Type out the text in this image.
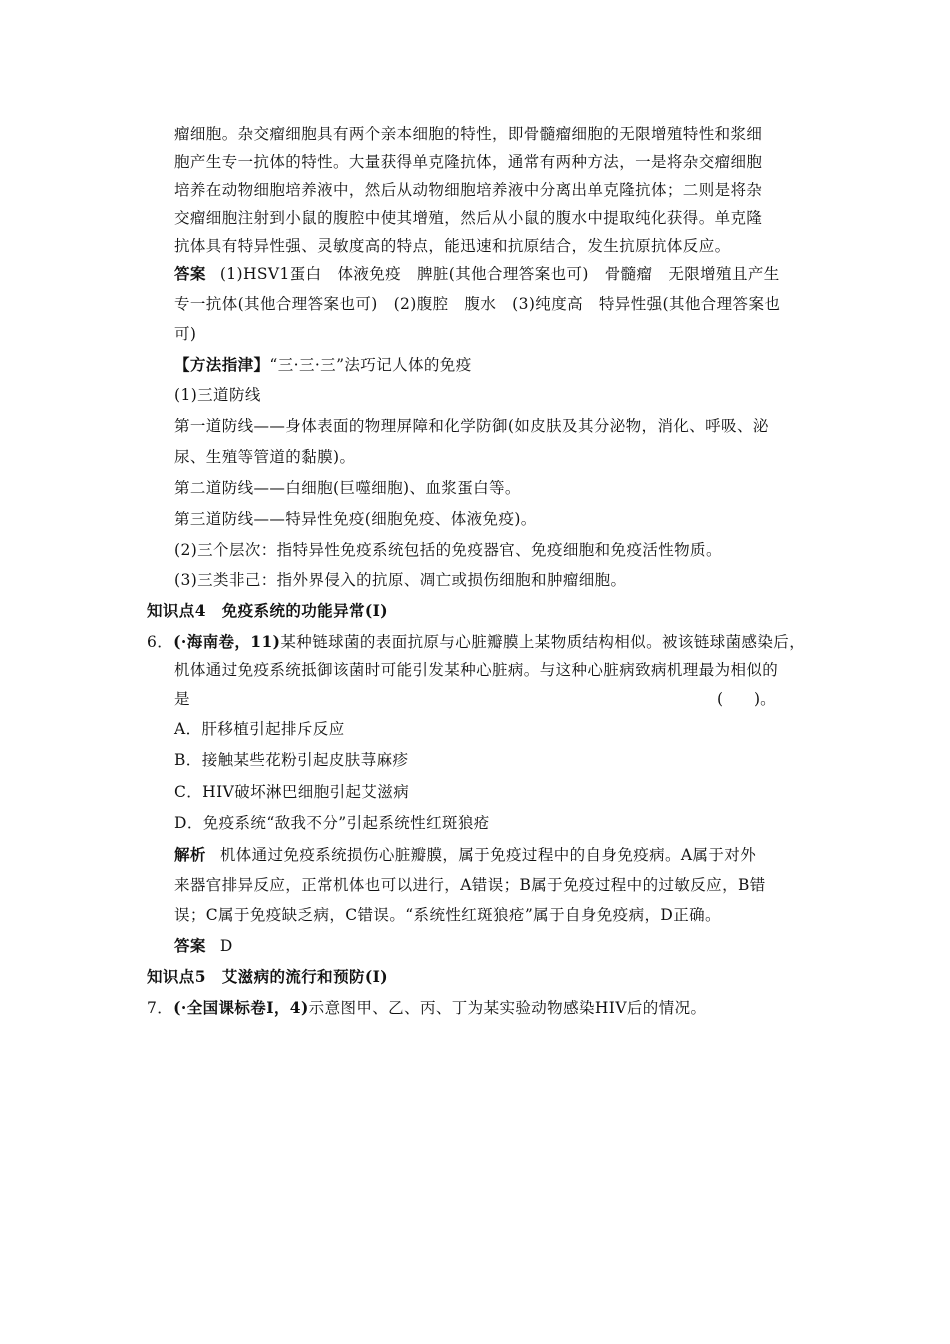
瘤细胞。杂交瘤细胞具有两个亲本细胞的特性，即骨髓瘤细胞的无限增殖特性和浆细
胞产生专一抗体的特性。大量获得单克隆抗体，通常有两种方法，一是将杂交瘤细胞
培养在动物细胞培养液中，然后从动物细胞培养液中分离出单克隆抗体；二则是将杂
交瘤细胞注射到小鼠的腹腔中使其增殖，然后从小鼠的腹水中提取纯化获得。单克隆
抗体具有特异性强、灵敏度高的特点，能迅速和抗原结合，发生抗原抗体反应。
答案 (1)HSV1蛋白　体液免疫　脾脏(其他合理答案也可)　骨髓瘤　无限增殖且产生
专一抗体(其他合理答案也可)　(2)腹腔　腹水　(3)纯度高　特异性强(其他合理答案也
可)
【方法指津】“三·三·三”法巧记人体的免疫
(1)三道防线
第一道防线——身体表面的物理屏障和化学防御(如皮肤及其分泌物，消化、呼吸、泌
尿、生殖等管道的黏膜)。
第二道防线——白细胞(巨噬细胞)、血浆蛋白等。
第三道防线——特异性免疫(细胞免疫、体液免疫)。
(2)三个层次：指特异性免疫系统包括的免疫器官、免疫细胞和免疫活性物质。
(3)三类非己：指外界侵入的抗原、凋亡或损伤细胞和肿瘤细胞。
知识点4　免疫系统的功能异常(Ⅰ)
6．(·海南卷，11)某种链球菌的表面抗原与心脏瓣膜上某物质结构相似。被该链球菌感染后，
机体通过免疫系统抵御该菌时可能引发某种心脏病。与这种心脏病致病机理最为相似的
是	(　　)。
A．肝移植引起排斥反应
B．接触某些花粉引起皮肤荨麻疹
C．HIV破坏淋巴细胞引起艾滋病
D．免疫系统“敌我不分”引起系统性红斑狼疮
解析 机体通过免疫系统损伤心脏瓣膜，属于免疫过程中的自身免疫病。A属于对外
来器官排异反应，正常机体也可以进行，A错误；B属于免疫过程中的过敏反应，B错
误；C属于免疫缺乏病，C错误。“系统性红斑狼疮”属于自身免疫病，D正确。
答案 D
知识点5　艾滋病的流行和预防(Ⅰ)
7．(·全国课标卷Ⅰ，4)示意图甲、乙、丙、丁为某实验动物感染HIV后的情况。
